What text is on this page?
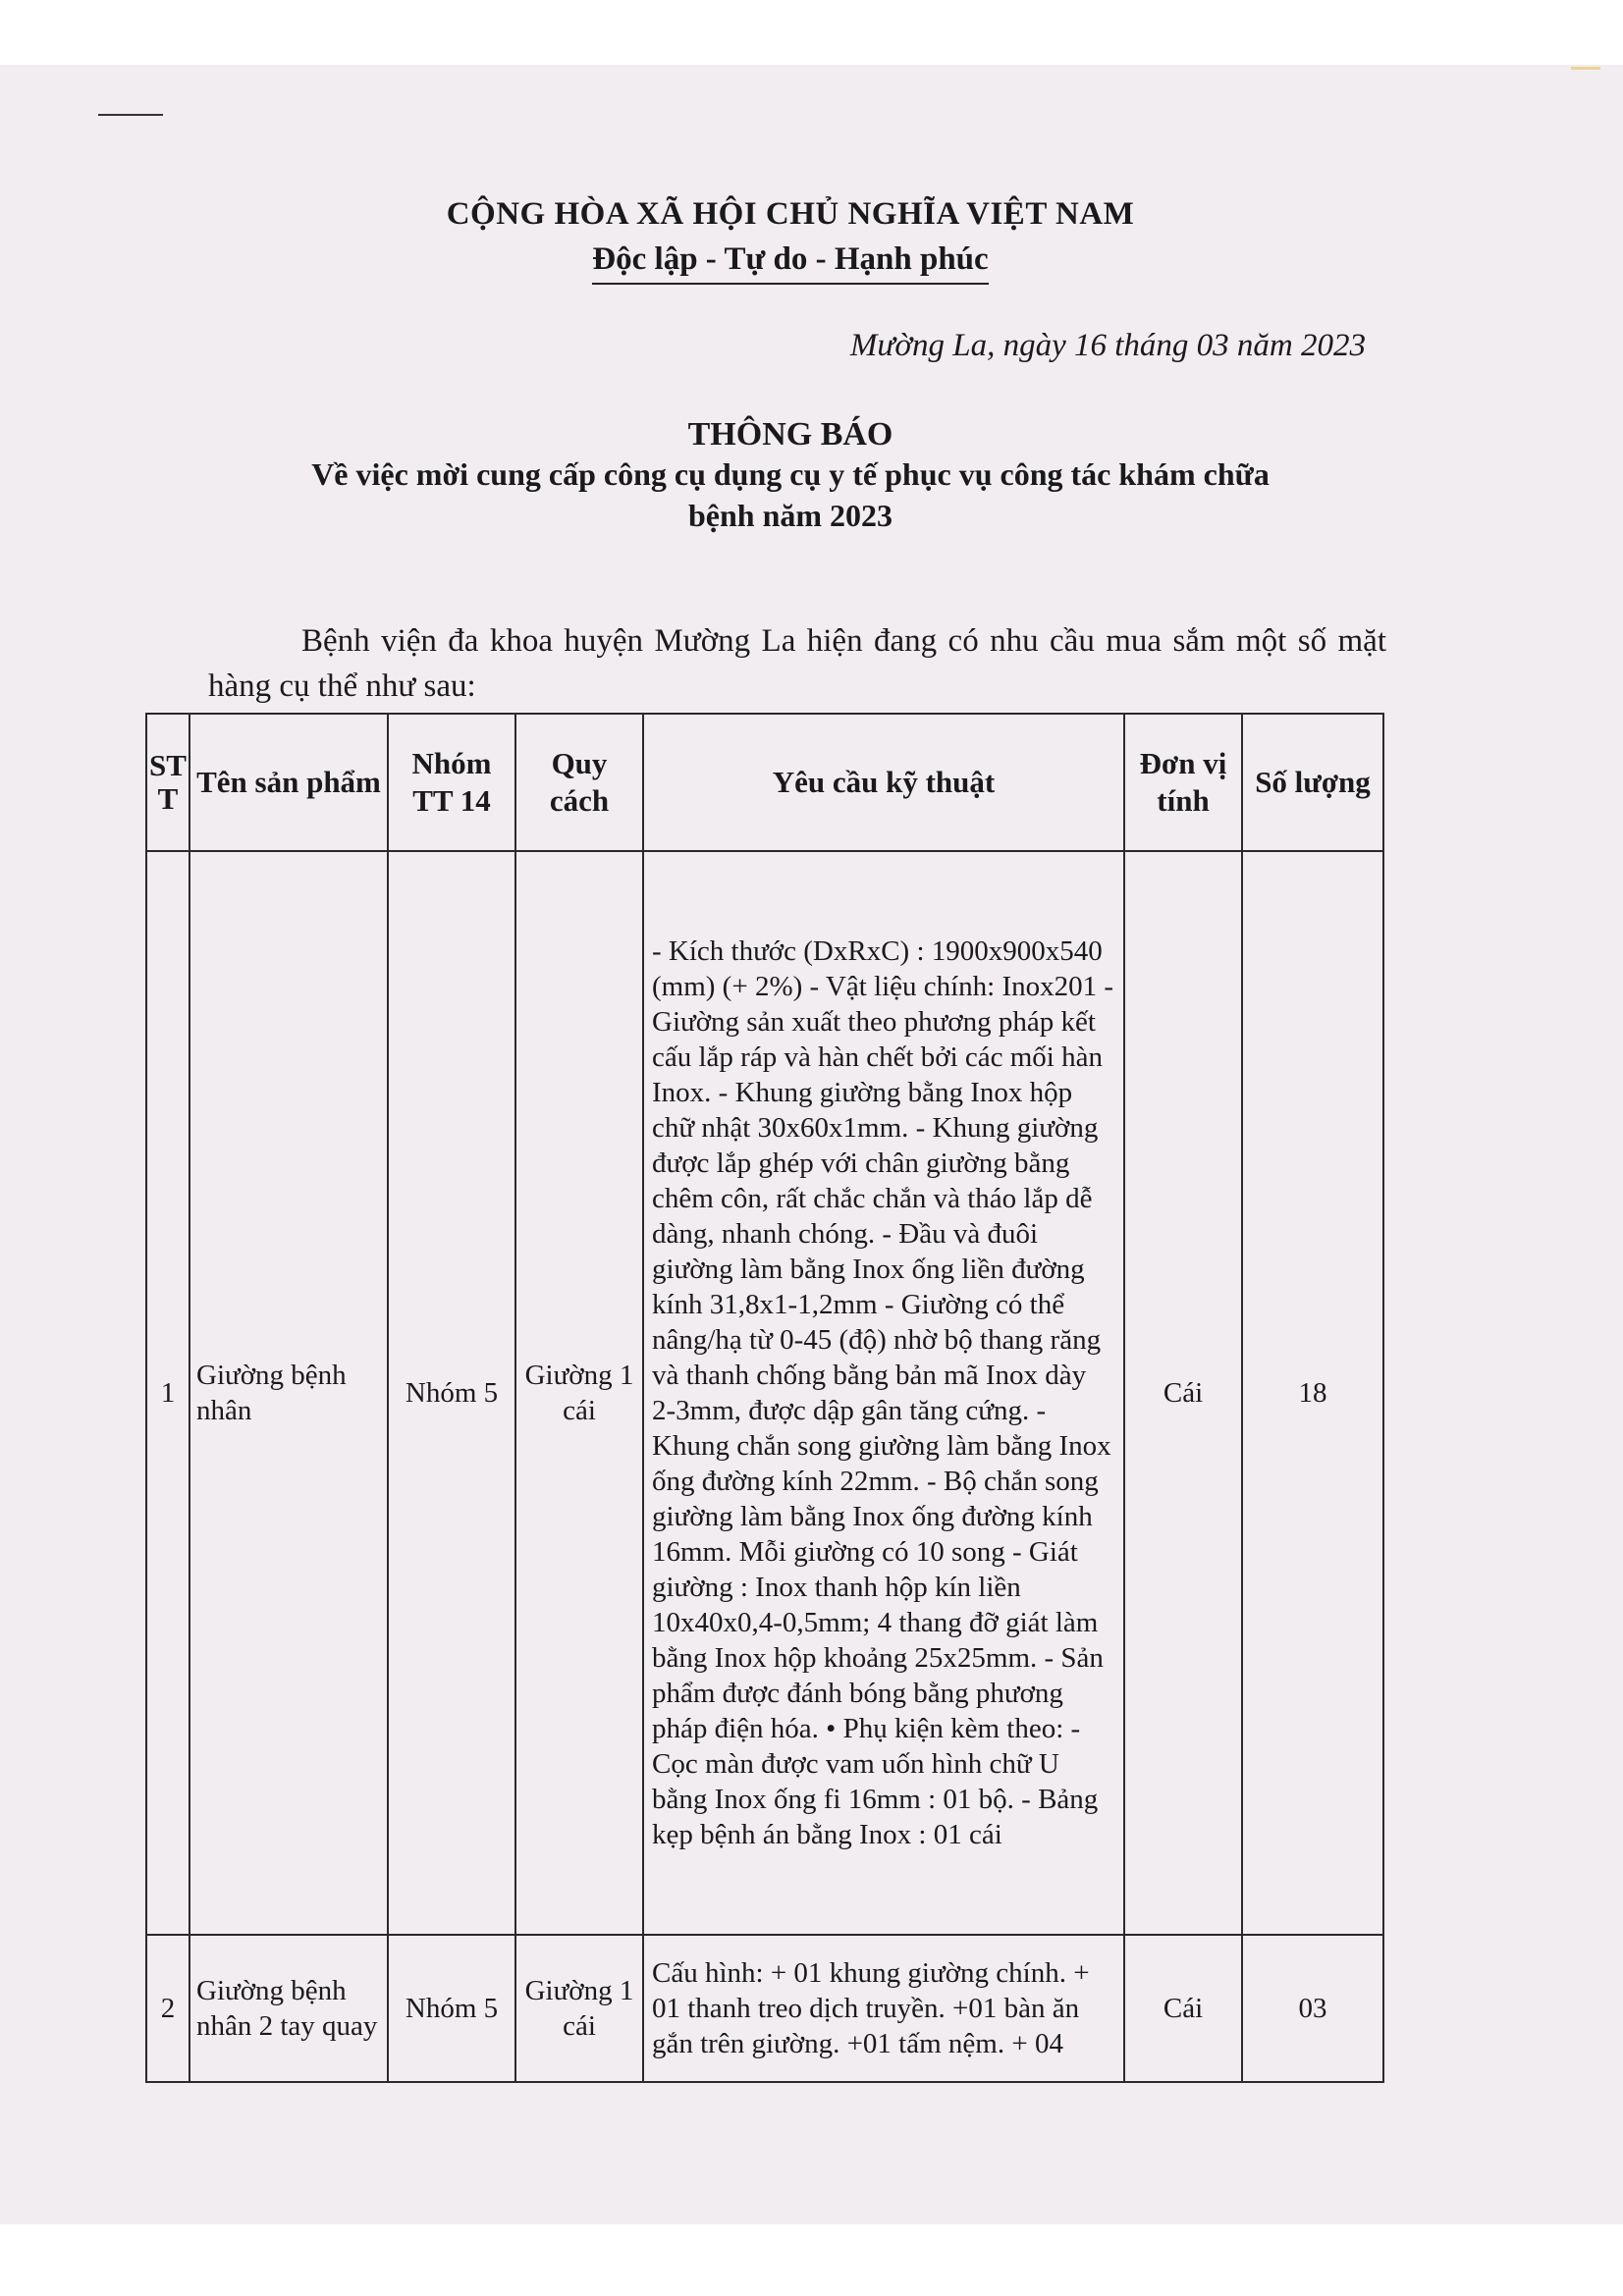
CỘNG HÒA XÃ HỘI CHỦ NGHĨA VIỆT NAM
Độc lập - Tự do - Hạnh phúc
Mường La, ngày 16 tháng 03 năm 2023
THÔNG BÁO
Về việc mời cung cấp công cụ dụng cụ y tế phục vụ công tác khám chữa bệnh năm 2023
Bệnh viện đa khoa huyện Mường La hiện đang có nhu cầu mua sắm một số mặt hàng cụ thể như sau:
STT	Tên sản phẩm	Nhóm TT 14	Quy cách	Yêu cầu kỹ thuật	Đơn vị tính	Số lượng
1	Giường bệnh nhân	Nhóm 5	Giường 1 cái	- Kích thước (DxRxC) : 1900x900x540 (mm) (+ 2%) - Vật liệu chính: Inox201 - Giường sản xuất theo phương pháp kết cấu lắp ráp và hàn chết bởi các mối hàn Inox. - Khung giường bằng Inox hộp chữ nhật 30x60x1mm. - Khung giường được lắp ghép với chân giường bằng chêm côn, rất chắc chắn và tháo lắp dễ dàng, nhanh chóng. - Đầu và đuôi giường làm bằng Inox ống liền đường kính 31,8x1-1,2mm - Giường có thể nâng/hạ từ 0-45 (độ) nhờ bộ thang răng và thanh chống bằng bản mã Inox dày 2-3mm, được dập gân tăng cứng. - Khung chắn song giường làm bằng Inox ống đường kính 22mm. - Bộ chắn song giường làm bằng Inox ống đường kính 16mm. Mỗi giường có 10 song - Giát giường : Inox thanh hộp kín liền 10x40x0,4-0,5mm; 4 thang đỡ giát làm bằng Inox hộp khoảng 25x25mm. - Sản phẩm được đánh bóng bằng phương pháp điện hóa. • Phụ kiện kèm theo: - Cọc màn được vam uốn hình chữ U bằng Inox ống fi 16mm : 01 bộ. - Bảng kẹp bệnh án bằng Inox : 01 cái	Cái	18
2	Giường bệnh nhân 2 tay quay	Nhóm 5	Giường 1 cái	Cấu hình: + 01 khung giường chính. + 01 thanh treo dịch truyền. +01 bàn ăn gắn trên giường. +01 tấm nệm. + 04	Cái	03
